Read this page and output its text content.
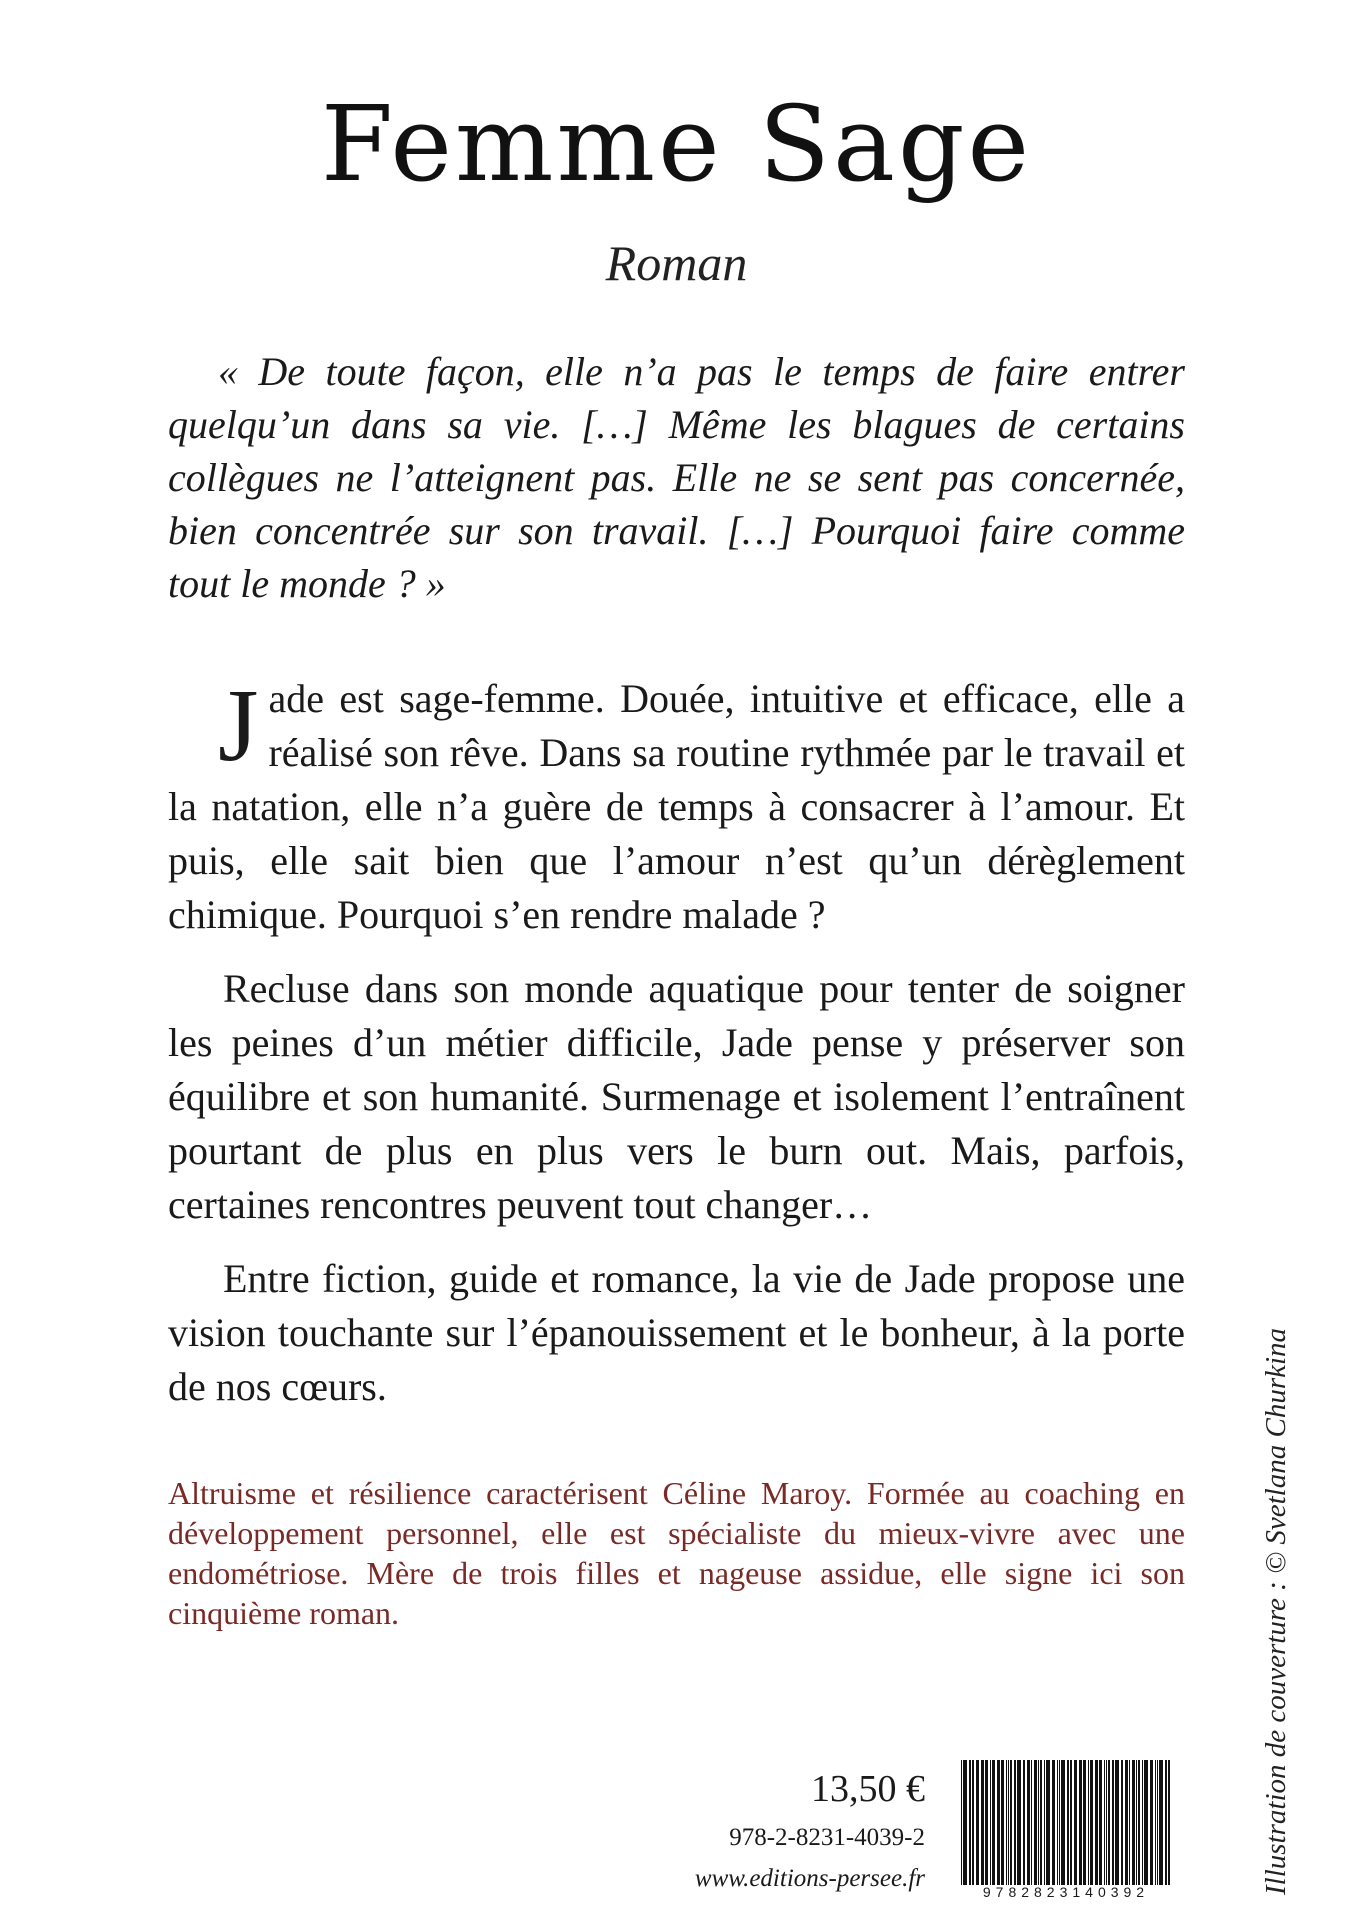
Femme Sage
Roman

« De toute façon, elle n’a pas le temps de faire entrer quelqu’un dans sa vie. […] Même les blagues de certains collègues ne l’atteignent pas. Elle ne se sent pas concernée, bien concentrée sur son travail. […] Pourquoi faire comme tout le monde ? »

Jade est sage-femme. Douée, intuitive et efficace, elle a réalisé son rêve. Dans sa routine rythmée par le travail et la natation, elle n’a guère de temps à consacrer à l’amour. Et puis, elle sait bien que l’amour n’est qu’un dérèglement chimique. Pourquoi s’en rendre malade ?

Recluse dans son monde aquatique pour tenter de soigner les peines d’un métier difficile, Jade pense y préserver son équilibre et son humanité. Surmenage et isolement l’entraînent pourtant de plus en plus vers le burn out. Mais, parfois, certaines rencontres peuvent tout changer…

Entre fiction, guide et romance, la vie de Jade propose une vision touchante sur l’épanouissement et le bonheur, à la porte de nos cœurs.

Altruisme et résilience caractérisent Céline Maroy. Formée au coaching en développement personnel, elle est spécialiste du mieux-vivre avec une endométriose. Mère de trois filles et nageuse assidue, elle signe ici son cinquième roman.

13,50 €
978-2-8231-4039-2
www.editions-persee.fr	9782823140392	Illustration de couverture : © Svetlana Churkina
